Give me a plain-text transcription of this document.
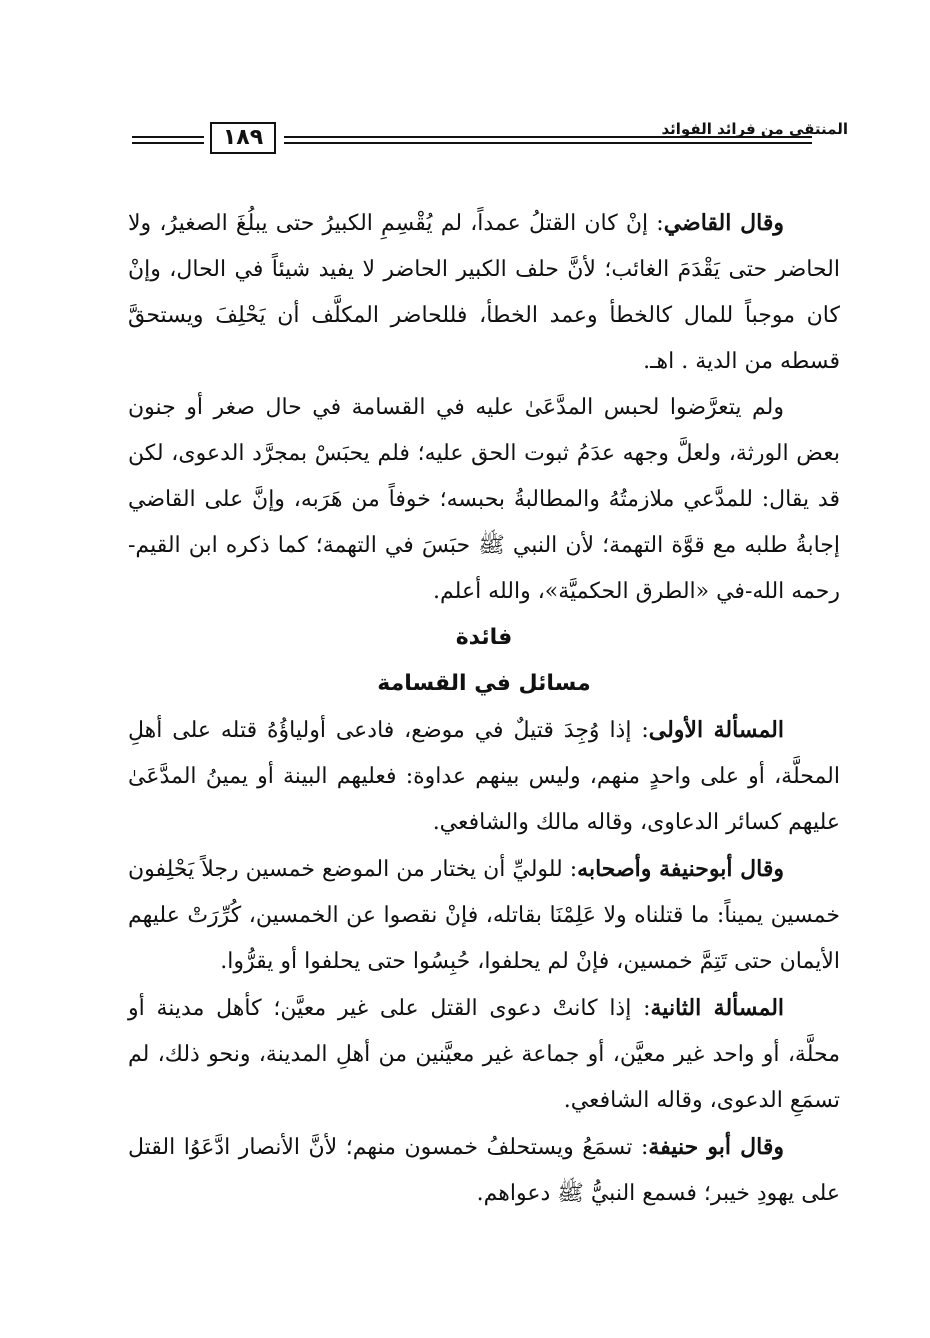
١٨٩	المنتقى من فرائد الفوائد

وقال القاضي: إنْ كان القتلُ عمداً، لم يُقْسِمِ الكبيرُ حتى يبلُغَ الصغيرُ، ولا الحاضر حتى يَقْدَمَ الغائب؛ لأنَّ حلف الكبير الحاضر لا يفيد شيئاً في الحال، وإنْ كان موجباً للمال كالخطأ وعمد الخطأ، فللحاضر المكلَّف أن يَحْلِفَ ويستحقَّ قسطه من الدية . اهـ.

ولم يتعرَّضوا لحبس المدَّعَىٰ عليه في القسامة في حال صغر أو جنون بعض الورثة، ولعلَّ وجهه عدَمُ ثبوت الحق عليه؛ فلم يحبَسْ بمجرَّد الدعوى، لكن قد يقال: للمدَّعي ملازمتُهُ والمطالبةُ بحبسه؛ خوفاً من هَرَبه، وإنَّ على القاضي إجابةُ طلبه مع قوَّة التهمة؛ لأن النبي ﷺ حبَسَ في التهمة؛ كما ذكره ابن القيم-رحمه الله-في «الطرق الحكميَّة»، والله أعلم.

فائدة

مسائل في القسامة

المسألة الأولى: إذا وُجِدَ قتيلٌ في موضع، فادعى أولياؤُهُ قتله على أهلِ المحلَّة، أو على واحدٍ منهم، وليس بينهم عداوة: فعليهم البينة أو يمينُ المدَّعَىٰ عليهم كسائر الدعاوى، وقاله مالك والشافعي.

وقال أبوحنيفة وأصحابه: للوليِّ أن يختار من الموضع خمسين رجلاً يَحْلِفون خمسين يميناً: ما قتلناه ولا عَلِمْنَا بقاتله، فإنْ نقصوا عن الخمسين، كُرِّرَتْ عليهم الأيمان حتى تَتِمَّ خمسين، فإنْ لم يحلفوا، حُبِسُوا حتى يحلفوا أو يقرُّوا.

المسألة الثانية: إذا كانتْ دعوى القتل على غير معيَّن؛ كأهل مدينة أو محلَّة، أو واحد غير معيَّن، أو جماعة غير معيَّنين من أهلِ المدينة، ونحو ذلك، لم تسمَعِ الدعوى، وقاله الشافعي.

وقال أبو حنيفة: تسمَعُ ويستحلفُ خمسون منهم؛ لأنَّ الأنصار ادَّعَوُا القتل على يهودِ خيبر؛ فسمع النبيُّ ﷺ دعواهم.
